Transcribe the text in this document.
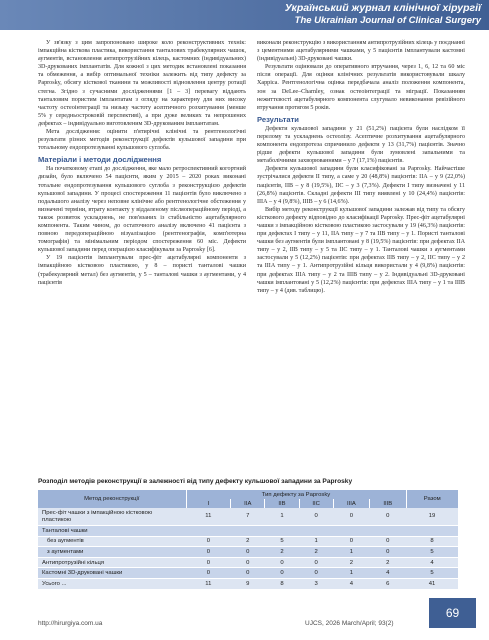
Український журнал клінічної хірургії
The Ukrainian Journal of Clinical Surgery

У зв'язку з цим запропоновано широке коло реконструктивних технік: імпакційна кісткова пластика, використання танталових трабекулярних чашок, аугментів, встановлення антипротрузійних кілець, кастомних (індивідуальних) 3D-друкованих імплантатів. Для кожної з цих методик встановлені показання та обмеження, а вибір оптимальної техніки залежить від типу дефекту за Paprosky, обсягу кісткової тканини та можливості відновлення центру ротації стегна. Згідно з сучасними дослідженнями [1 – 3] перевагу віддають танталовим пористим імплантатам з огляду на характерну для них високу частоту остеоінтеграції та низьку частоту асептичного розхитування (менше 5% у середньостроковій перспективі), а при дуже великих та непрошених дефектах – індивідуально виготовленим 3D-друкованим імплантатам.

Мета дослідження: оцінити п'ятирічні клінічні та рентгенологічні результати різних методів реконструкції дефектів кульшової западини при тотальному ендопротезуванні кульшового суглоба.

Матеріали і методи дослідження

На початковому етапі до дослідження, яке мало ретроспективний когортний дизайн, було включено 54 пацієнти, яким у 2015 – 2020 роках виконані тотальне ендопротезування кульшового суглоба з реконструкцією дефектів кульшової западини. У процесі спостереження 11 пацієнтів було виключено з подальшого аналізу через неповне клінічне або рентгенологічне обстеження у визначені терміни, втрату контакту у віддаленому післяопераційному періоді, а також розвиток ускладнень, не пов'язаних із стабільністю ацетабулярного компонента. Таким чином, до остаточного аналізу включено 41 пацієнта з повною передопераційною візуалізацією (рентгенографія, комп'ютерна томографія) та мінімальним періодом спостереження 60 міс. Дефекти кульшової западини перед операцією класифікували за Paprosky [6].

У 19 пацієнтів імплантували прес-фіт ацетабулярні компоненти з імпакційною кістковою пластикою, у 8 – пористі танталові чашки (трабекулярний метал) без аугментів, у 5 – танталові чашки з аугментами, у 4 пацієнтів

виконали реконструкцію з використанням антипротрузійних кілець у поєднанні з цементними ацетабулярними чашками, у 5 пацієнтів імплантували кастомні (індивідуальні) 3D-друковані чашки.

Результати оцінювали до оперативного втручання, через 1, 6, 12 та 60 міс після операції. Для оцінки клінічних результатів використовували шкалу Харріса. Рентгенологічна оцінка передбачала аналіз положення компонента, зон за DeLee–Charnley, ознак остеоінтеграції та міграції. Показанням нежиттєвості ацетабулярного компонента слугувало невиконання ревізійного втручання протягом 5 років.

Результати

Дефекти кульшової западини у 21 (51,2%) пацієнта були наслідком її перелому та ускладнень остеолізу. Асептичне розхитування ацетабулярного компонента ендопротеза спричинило дефекти у 13 (31,7%) пацієнтів. Значно рідше дефекти кульшової западини були зумовлені запальними та метаболічними захворюваннями – у 7 (17,1%) пацієнтів.

Дефекти кульшової западини були класифіковані за Paprosky. Найчастіше зустрічалися дефекти ІІ типу, а саме у 20 (48,8%) пацієнтів: ІІА – у 9 (22,0%) пацієнтів, ІІВ – у 8 (19,5%), ІІС – у 3 (7,3%). Дефекти І типу визначені у 11 (26,8%) пацієнтів. Складні дефекти ІІІ типу виявлені у 10 (24,4%) пацієнтів: ІІІА – у 4 (9,8%), ІІІВ – у 6 (14,6%).

Вибір методу реконструкції кульшової западини залежав від типу та обсягу кісткового дефекту відповідно до класифікації Paprosky. Прес-фіт ацетабулярні чашки з імпакційною кістковою пластикою застосували у 19 (46,3%) пацієнтів: при дефектах І типу – у 11, ІІА типу – у 7 та ІІВ типу – у 1. Пористі танталові чашки без аугментів були імплантовані у 8 (19,5%) пацієнтів: при дефектах ІІА типу – у 2, ІІВ типу – у 5 та ІІС типу – у 1. Танталові чашки з аугментами застосували у 5 (12,2%) пацієнтів: при дефектах ІІВ типу – у 2, ІІС типу – у 2 та ІІІА типу – у 1. Антипротрузійні кільця використали у 4 (9,8%) пацієнтів: при дефектах ІІІА типу – у 2 та ІІІВ типу – у 2. Індивідуальні 3D-друковані чашки імплантовані у 5 (12,2%) пацієнтів: при дефектах ІІІА типу – у 1 та ІІІВ типу – у 4 (див. таблицю).

Розподіл методів реконструкції в залежності від типу дефекту кульшової западини за Paprosky
Метод реконструкції	Тип дефекту за Paprosky						Разом
	I	IIA	IIB	IIC	IIIA	IIIB	
Прес-фіт чашки з імпакційною кістковою пластикою	11	7	1	0	0	0	19
Танталові чашки							
без аугментів	0	2	5	1	0	0	8
з аугментами	0	0	2	2	1	0	5
Антипротрузійні кільця	0	0	0	0	2	2	4
Кастомні 3D-друковані чашки	0	0	0	0	1	4	5
Усього ...	11	9	8	3	4	6	41
http://hirurgiya.com.ua	UJCS, 2026 March/April; 93(2)
69
